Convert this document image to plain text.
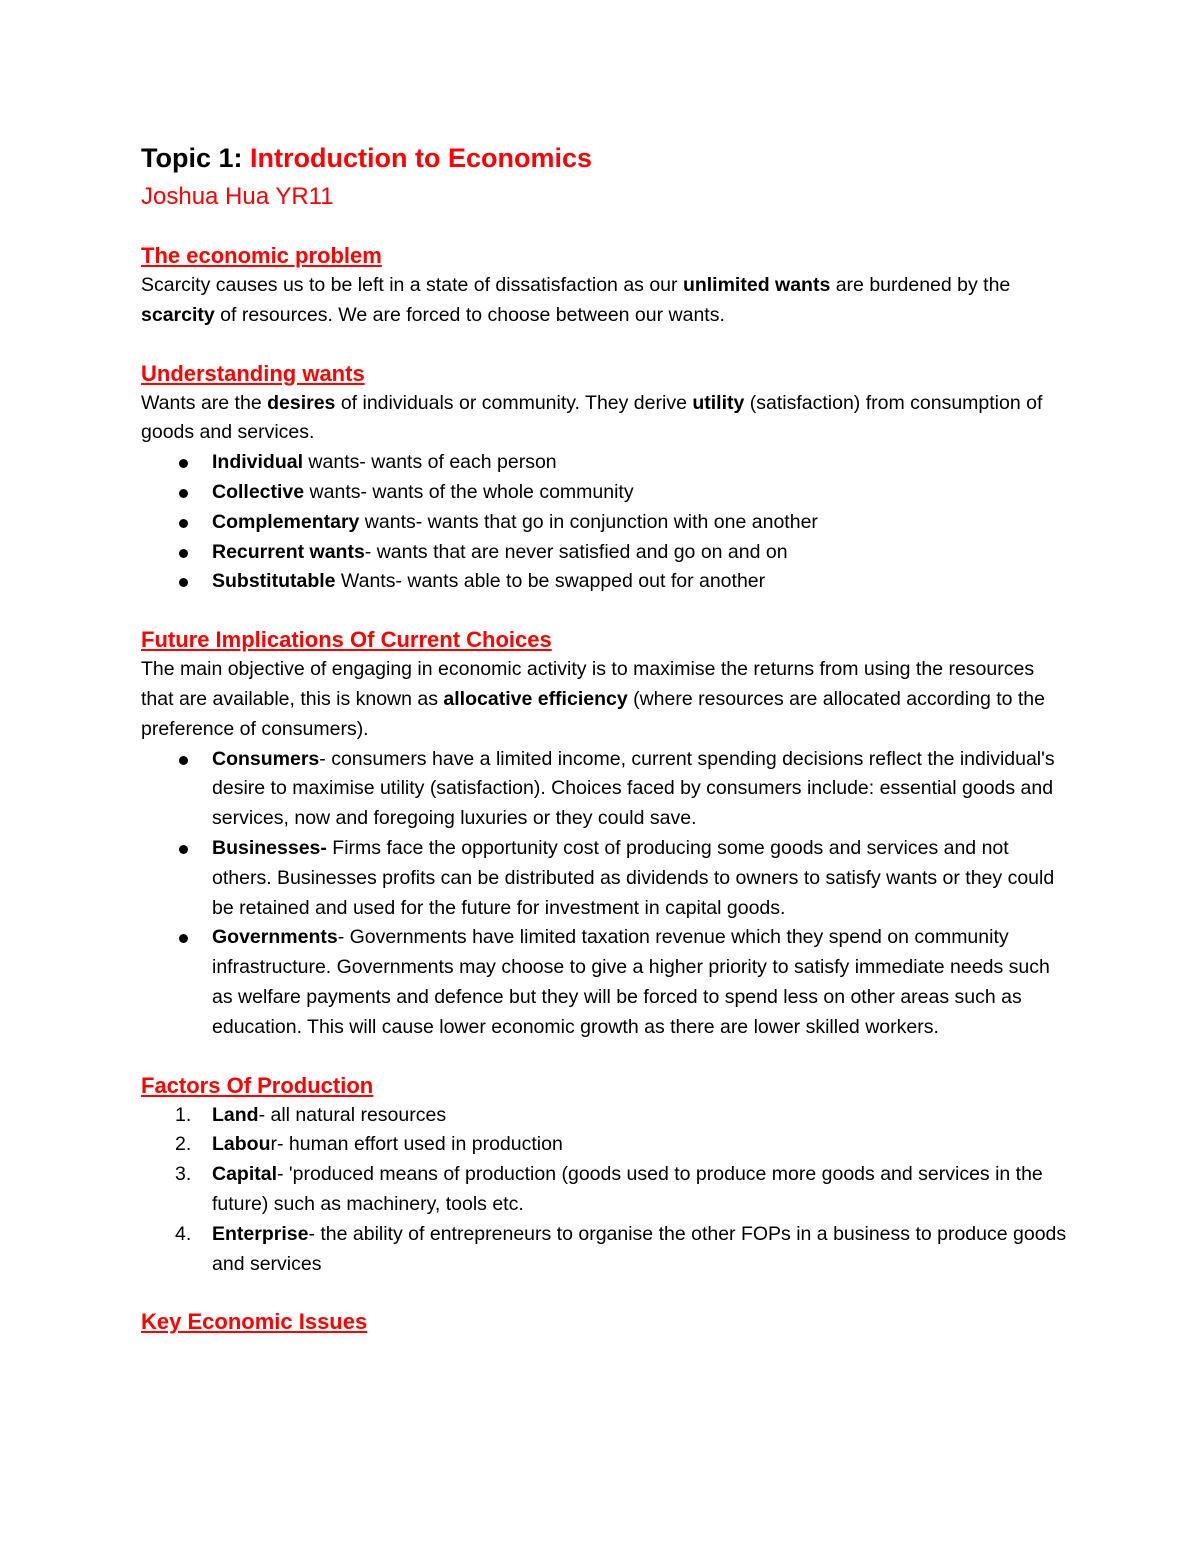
Topic 1: Introduction to Economics
Joshua Hua YR11
The economic problem

Scarcity causes us to be left in a state of dissatisfaction as our unlimited wants are burdened by the scarcity of resources. We are forced to choose between our wants.

Understanding wants

Wants are the desires of individuals or community. They derive utility (satisfaction) from consumption of goods and services.

Individual wants- wants of each person
Collective wants- wants of the whole community
Complementary wants- wants that go in conjunction with one another
Recurrent wants- wants that are never satisfied and go on and on
Substitutable Wants- wants able to be swapped out for another
Future Implications Of Current Choices

The main objective of engaging in economic activity is to maximise the returns from using the resources that are available, this is known as allocative efficiency (where resources are allocated according to the preference of consumers).

Consumers- consumers have a limited income, current spending decisions reflect the individual's desire to maximise utility (satisfaction). Choices faced by consumers include: essential goods and services, now and foregoing luxuries or they could save.
Businesses- Firms face the opportunity cost of producing some goods and services and not others. Businesses profits can be distributed as dividends to owners to satisfy wants or they could be retained and used for the future for investment in capital goods.
Governments- Governments have limited taxation revenue which they spend on community infrastructure. Governments may choose to give a higher priority to satisfy immediate needs such as welfare payments and defence but they will be forced to spend less on other areas such as education. This will cause lower economic growth as there are lower skilled workers.
Factors Of Production
1. Land- all natural resources
2. Labour- human effort used in production
3. Capital- 'produced means of production (goods used to produce more goods and services in the future) such as machinery, tools etc.
4. Enterprise- the ability of entrepreneurs to organise the other FOPs in a business to produce goods and services
Key Economic Issues
